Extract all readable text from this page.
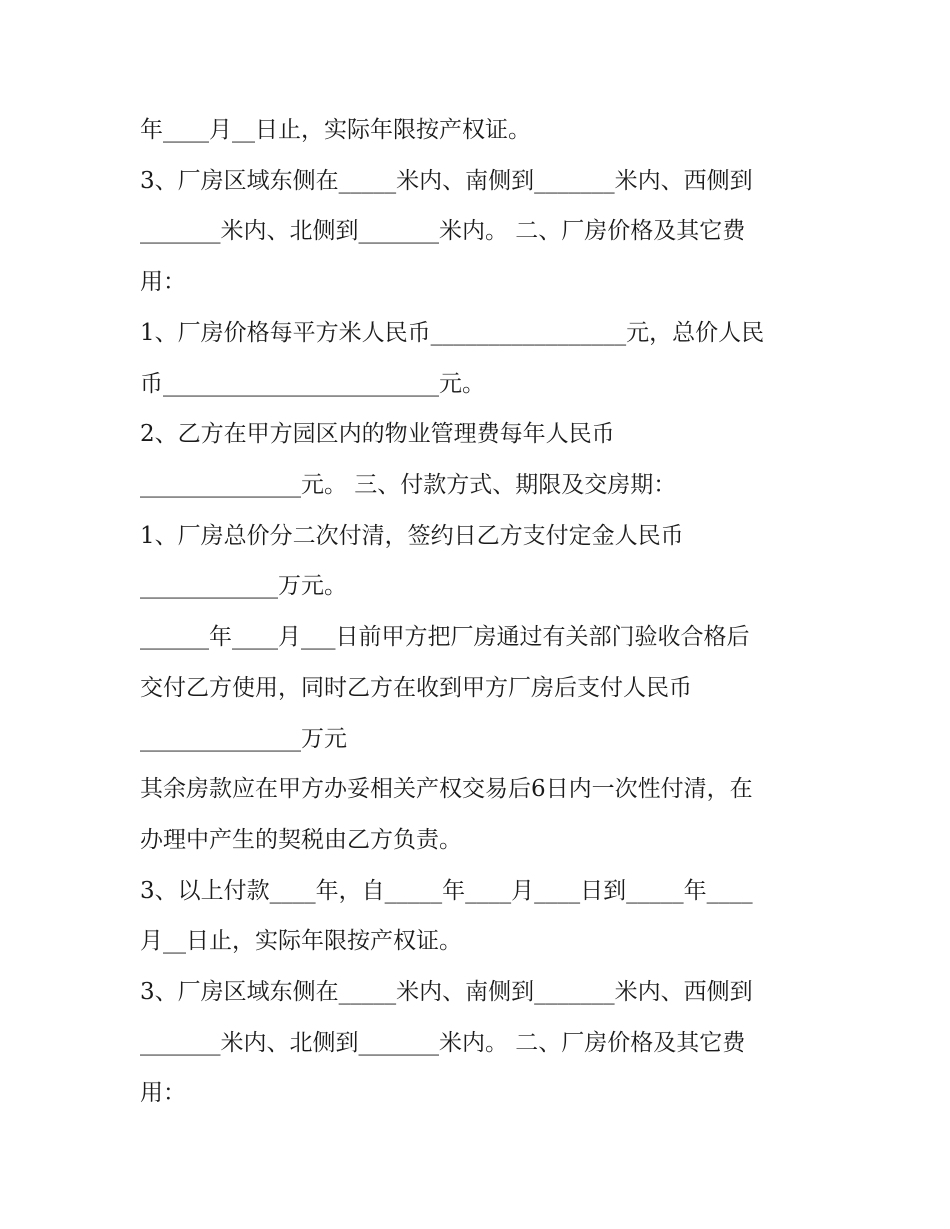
年____月__日止，实际年限按产权证。
3、厂房区域东侧在_____米内、南侧到_______米内、西侧到
_______米内、北侧到_______米内。 二、厂房价格及其它费
用：
1、厂房价格每平方米人民币_________________元，总价人民
币________________________元。
2、乙方在甲方园区内的物业管理费每年人民币
______________元。 三、付款方式、期限及交房期：
1、厂房总价分二次付清，签约日乙方支付定金人民币
____________万元。
______年____月___日前甲方把厂房通过有关部门验收合格后
交付乙方使用，同时乙方在收到甲方厂房后支付人民币
______________万元
其余房款应在甲方办妥相关产权交易后6日内一次性付清，在
办理中产生的契税由乙方负责。
3、以上付款____年，自_____年____月____日到_____年____
月__日止，实际年限按产权证。
3、厂房区域东侧在_____米内、南侧到_______米内、西侧到
_______米内、北侧到_______米内。 二、厂房价格及其它费
用：
